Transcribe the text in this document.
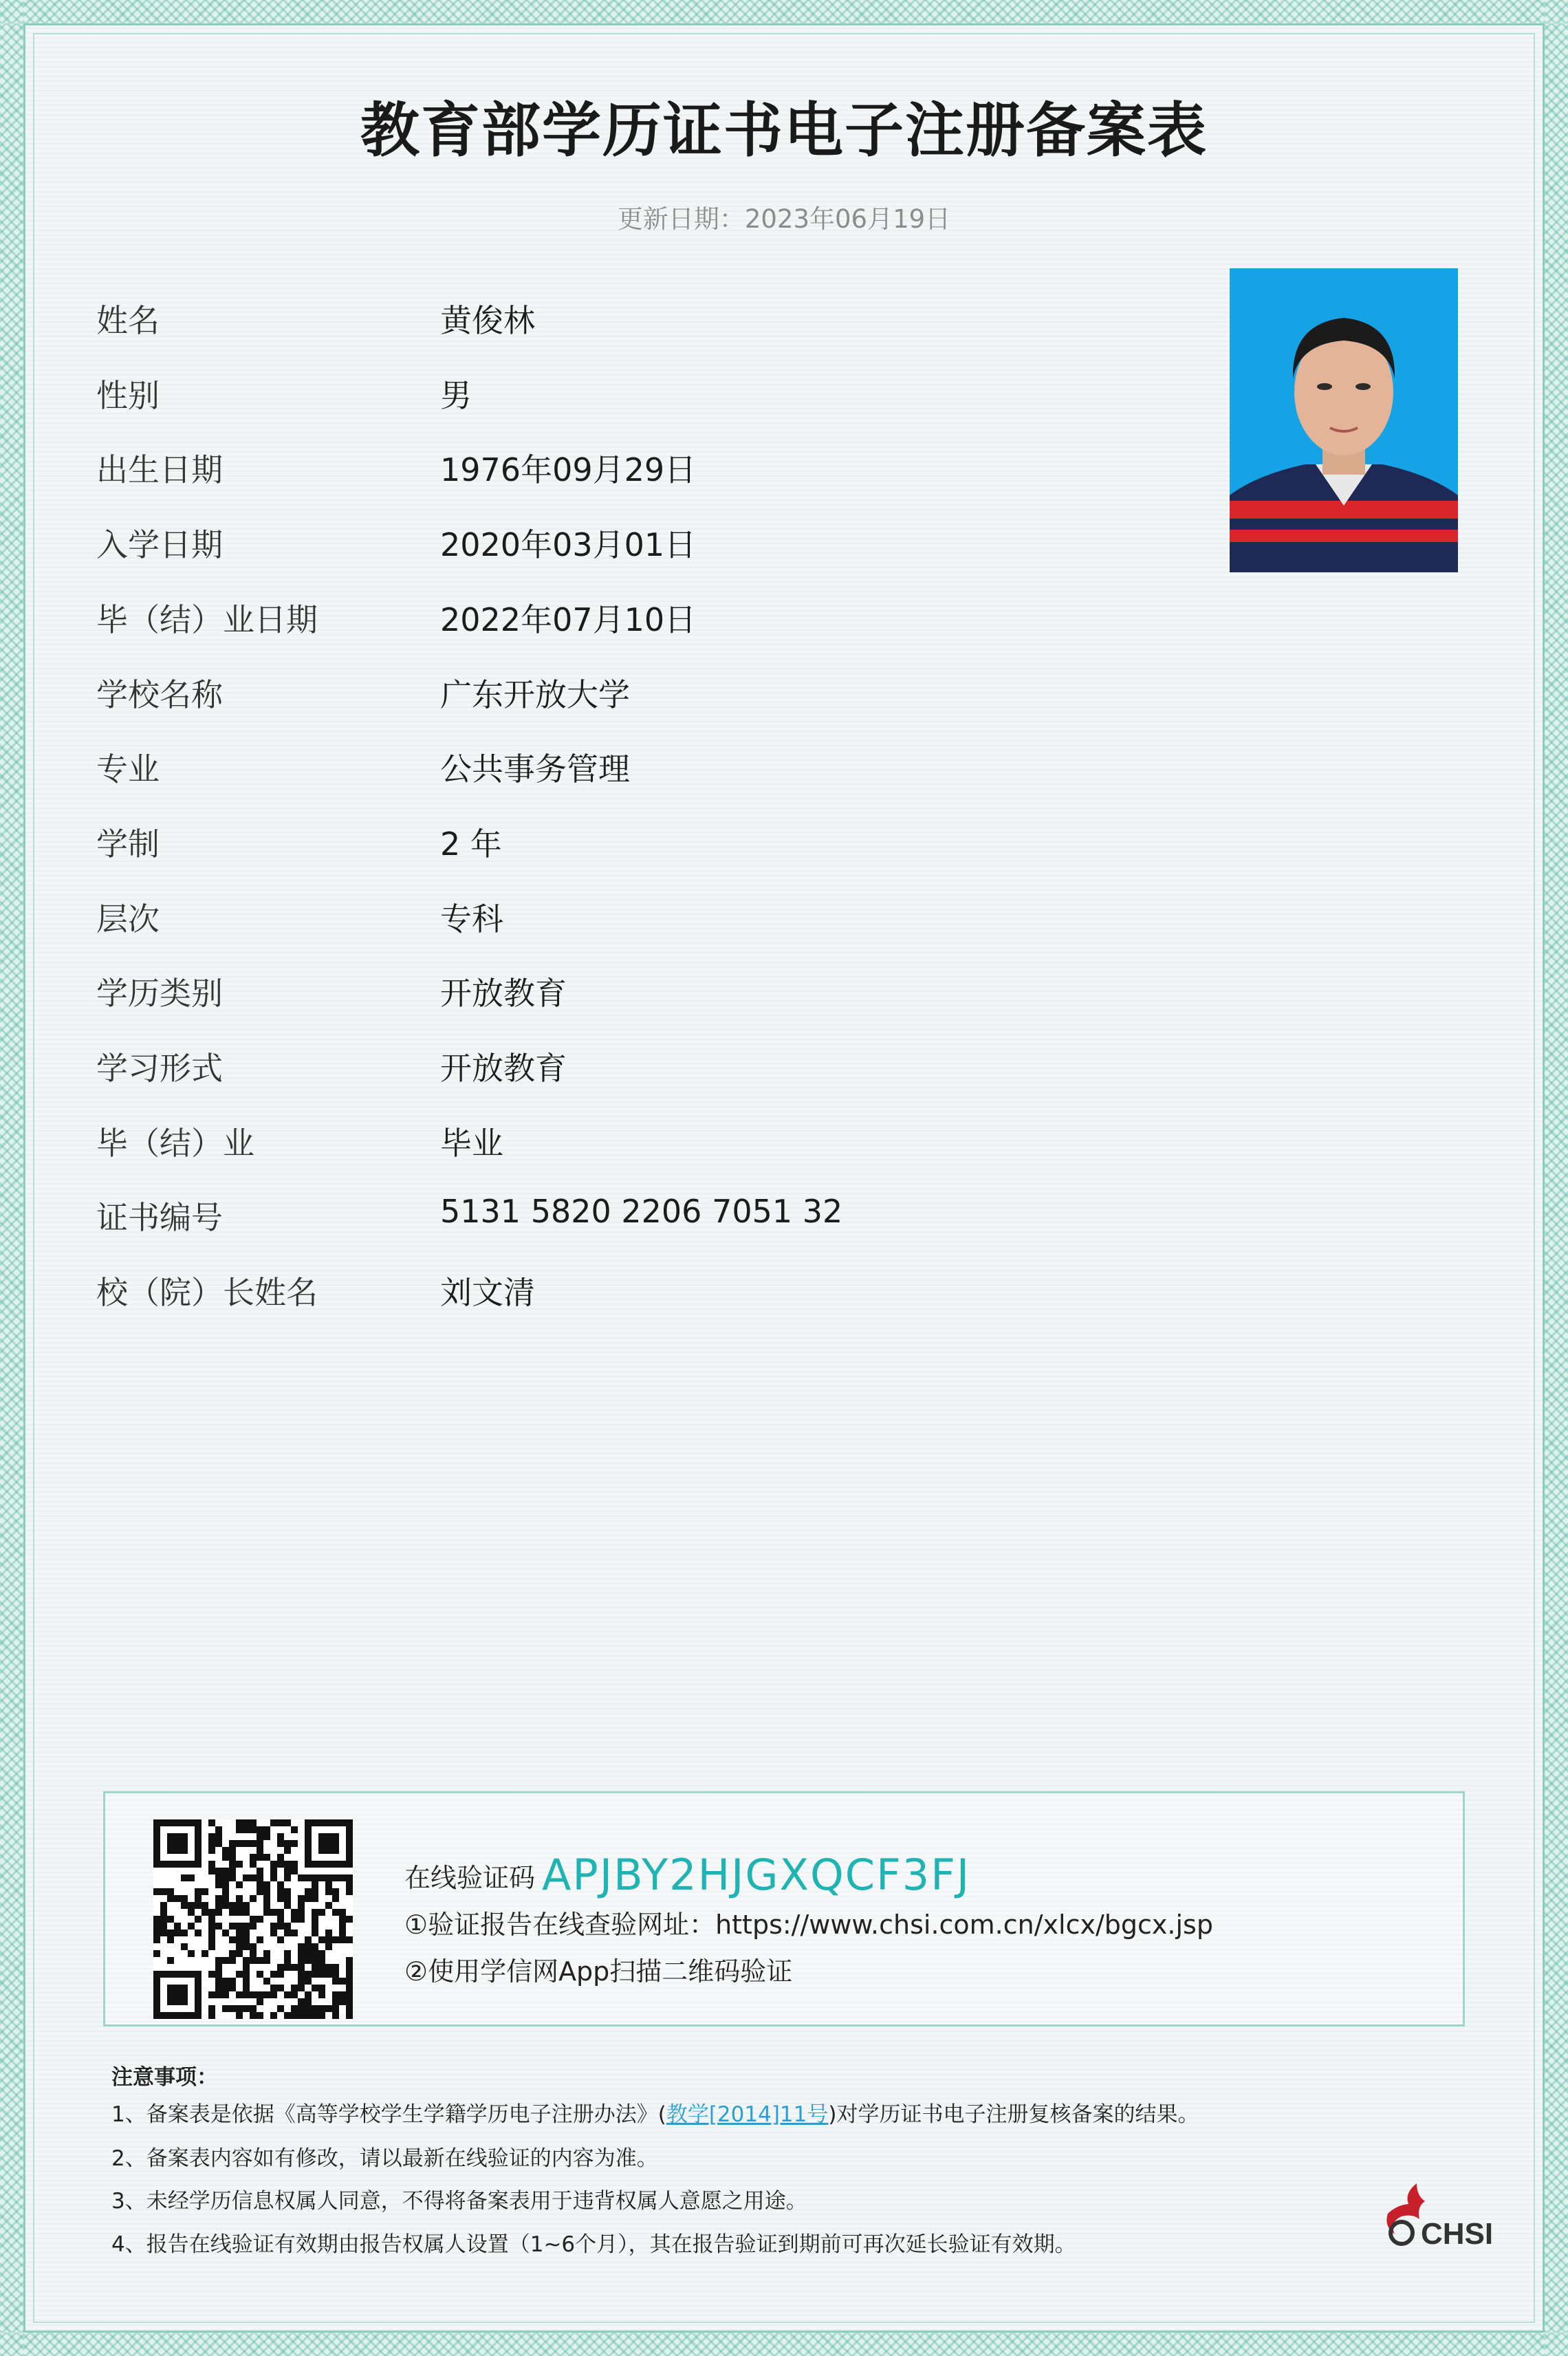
教育部学历证书电子注册备案表
更新日期：2023年06月19日
姓名	黄俊林
性别	男
出生日期	1976年09月29日
入学日期	2020年03月01日
毕（结）业日期	2022年07月10日
学校名称	广东开放大学
专业	公共事务管理
学制	2 年
层次	专科
学历类别	开放教育
学习形式	开放教育
毕（结）业	毕业
证书编号	5131 5820 2206 7051 32
校（院）长姓名	刘文清
在线验证码 APJBY2HJGXQCF3FJ
①验证报告在线查验网址：https://www.chsi.com.cn/xlcx/bgcx.jsp
②使用学信网App扫描二维码验证
注意事项：
1、备案表是依据《高等学校学生学籍学历电子注册办法》(教学[2014]11号)对学历证书电子注册复核备案的结果。
2、备案表内容如有修改，请以最新在线验证的内容为准。
3、未经学历信息权属人同意，不得将备案表用于违背权属人意愿之用途。
4、报告在线验证有效期由报告权属人设置（1~6个月），其在报告验证到期前可再次延长验证有效期。	CHSI
